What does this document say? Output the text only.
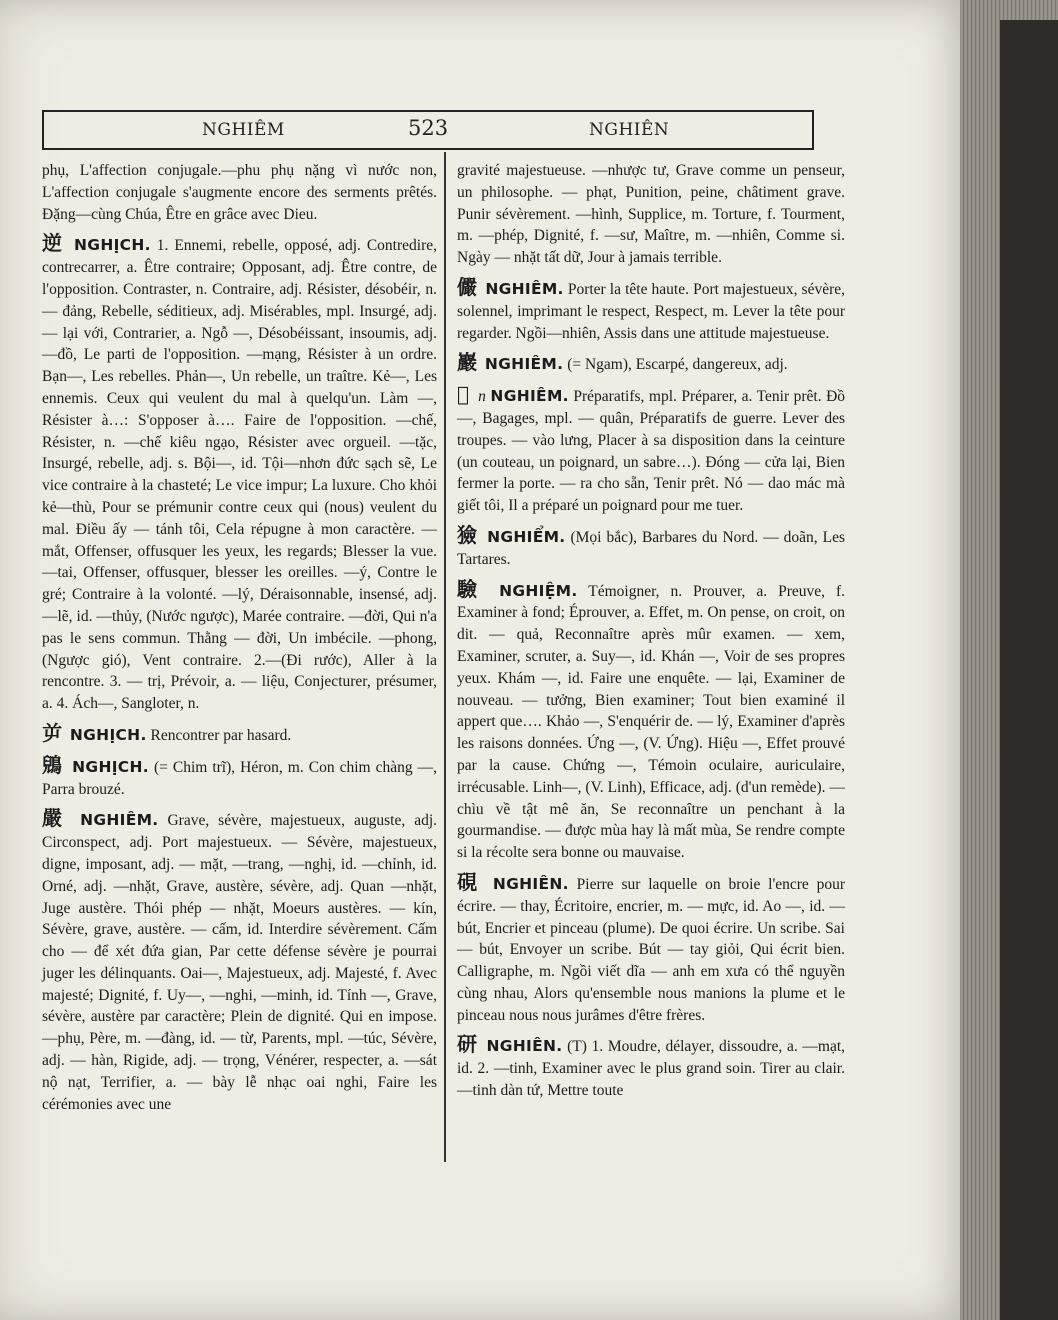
NGHIÊM	523	NGHIÊN

phụ, L'affection conjugale.—phu phụ nặng vì nước non, L'affection conjugale s'augmente encore des serments prêtés. Đặng—cùng Chúa, Être en grâce avec Dieu.

逆 NGHỊCH. 1. Ennemi, rebelle, opposé, adj. Contredire, contrecarrer, a. Être contraire; Opposant, adj. Être contre, de l'opposition. Contraster, n. Contraire, adj. Résister, désobéir, n. — đảng, Rebelle, séditieux, adj. Misérables, mpl. Insurgé, adj. — lại với, Contrarier, a. Ngỗ —, Désobéissant, insoumis, adj. —đồ, Le parti de l'opposition. —mạng, Résister à un ordre. Bạn—, Les rebelles. Phản—, Un rebelle, un traître. Kẻ—, Les ennemis. Ceux qui veulent du mal à quelqu'un. Làm —, Résister à…: S'opposer à…. Faire de l'opposition. —chế, Résister, n. —chế kiêu ngạo, Résister avec orgueil. —tặc, Insurgé, rebelle, adj. s. Bội—, id. Tội—nhơn đức sạch sẽ, Le vice contraire à la chasteté; Le vice impur; La luxure. Cho khỏi kẻ—thù, Pour se prémunir contre ceux qui (nous) veulent du mal. Điều ấy — tánh tôi, Cela répugne à mon caractère. — mắt, Offenser, offusquer les yeux, les regards; Blesser la vue. —tai, Offenser, offusquer, blesser les oreilles. —ý, Contre le gré; Contraire à la volonté. —lý, Déraisonnable, insensé, adj. —lẽ, id. —thủy, (Nước ngược), Marée contraire. —đời, Qui n'a pas le sens commun. Thằng — đời, Un imbécile. —phong, (Ngược gió), Vent contraire. 2.—(Đi rước), Aller à la rencontre. 3. — trị, Prévoir, a. — liệu, Conjecturer, présumer, a. 4. Ách—, Sangloter, n.

屰 NGHỊCH. Rencontrer par hasard.

鶂 NGHỊCH. (= Chim trĩ), Héron, m. Con chim chàng —, Parra brouzé.

嚴 NGHIÊM. Grave, sévère, majestueux, auguste, adj. Circonspect, adj. Port majestueux. — Sévère, majestueux, digne, imposant, adj. — mặt, —trang, —nghị, id. —chỉnh, id. Orné, adj. —nhặt, Grave, austère, sévère, adj. Quan —nhặt, Juge austère. Thói phép — nhặt, Moeurs austères. — kín, Sévère, grave, austère. — cấm, id. Interdire sévèrement. Cấm cho — để xét đứa gian, Par cette défense sévère je pourrai juger les délinquants. Oai—, Majestueux, adj. Majesté, f. Avec majesté; Dignité, f. Uy—, —nghi, —minh, id. Tính —, Grave, sévère, austère par caractère; Plein de dignité. Qui en impose. —phụ, Père, m. —đàng, id. — từ, Parents, mpl. —túc, Sévère, adj. — hàn, Rigide, adj. — trọng, Vénérer, respecter, a. —sát nộ nạt, Terrifier, a. — bày lễ nhạc oai nghi, Faire les cérémonies avec une

gravité majestueuse. —nhược tư, Grave comme un penseur, un philosophe. — phạt, Punition, peine, châtiment grave. Punir sévèrement. —hình, Supplice, m. Torture, f. Tourment, m. —phép, Dignité, f. —sư, Maître, m. —nhiên, Comme si. Ngày — nhặt tất dữ, Jour à jamais terrible.

儼 NGHIÊM. Porter la tête haute. Port majestueux, sévère, solennel, imprimant le respect, Respect, m. Lever la tête pour regarder. Ngồi—nhiên, Assis dans une attitude majestueuse.

巖 NGHIÊM. (= Ngam), Escarpé, dangereux, adj.

𠼽 n NGHIÊM. Préparatifs, mpl. Préparer, a. Tenir prêt. Đồ —, Bagages, mpl. — quân, Préparatifs de guerre. Lever des troupes. — vào lưng, Placer à sa disposition dans la ceinture (un couteau, un poignard, un sabre…). Đóng — cửa lại, Bien fermer la porte. — ra cho sẵn, Tenir prêt. Nó — dao mác mà giết tôi, Il a préparé un poignard pour me tuer.

獫 NGHIỂM. (Mọi bắc), Barbares du Nord. — doãn, Les Tartares.

驗 NGHIỆM. Témoigner, n. Prouver, a. Preuve, f. Examiner à fond; Éprouver, a. Effet, m. On pense, on croit, on dit. — quả, Reconnaître après mûr examen. — xem, Examiner, scruter, a. Suy—, id. Khán —, Voir de ses propres yeux. Khám —, id. Faire une enquête. — lại, Examiner de nouveau. — tưởng, Bien examiner; Tout bien examiné il appert que…. Khảo —, S'enquérir de. — lý, Examiner d'après les raisons données. Ứng —, (V. Ứng). Hiệu —, Effet prouvé par la cause. Chứng —, Témoin oculaire, auriculaire, irrécusable. Linh—, (V. Linh), Efficace, adj. (d'un remède). — chìu về tật mê ăn, Se reconnaître un penchant à la gourmandise. — được mùa hay là mất mùa, Se rendre compte si la récolte sera bonne ou mauvaise.

硯 NGHIÊN. Pierre sur laquelle on broie l'encre pour écrire. — thay, Écritoire, encrier, m. — mực, id. Ao —, id. — bút, Encrier et pinceau (plume). De quoi écrire. Un scribe. Sai — bút, Envoyer un scribe. Bút — tay giỏi, Qui écrit bien. Calligraphe, m. Ngồi viết dĩa — anh em xưa có thể nguyền cùng nhau, Alors qu'ensemble nous manions la plume et le pinceau nous nous jurâmes d'être frères.

研 NGHIÊN. (T) 1. Moudre, délayer, dissoudre, a. —mạt, id. 2. —tinh, Examiner avec le plus grand soin. Tirer au clair. —tinh dàn tứ, Mettre toute
